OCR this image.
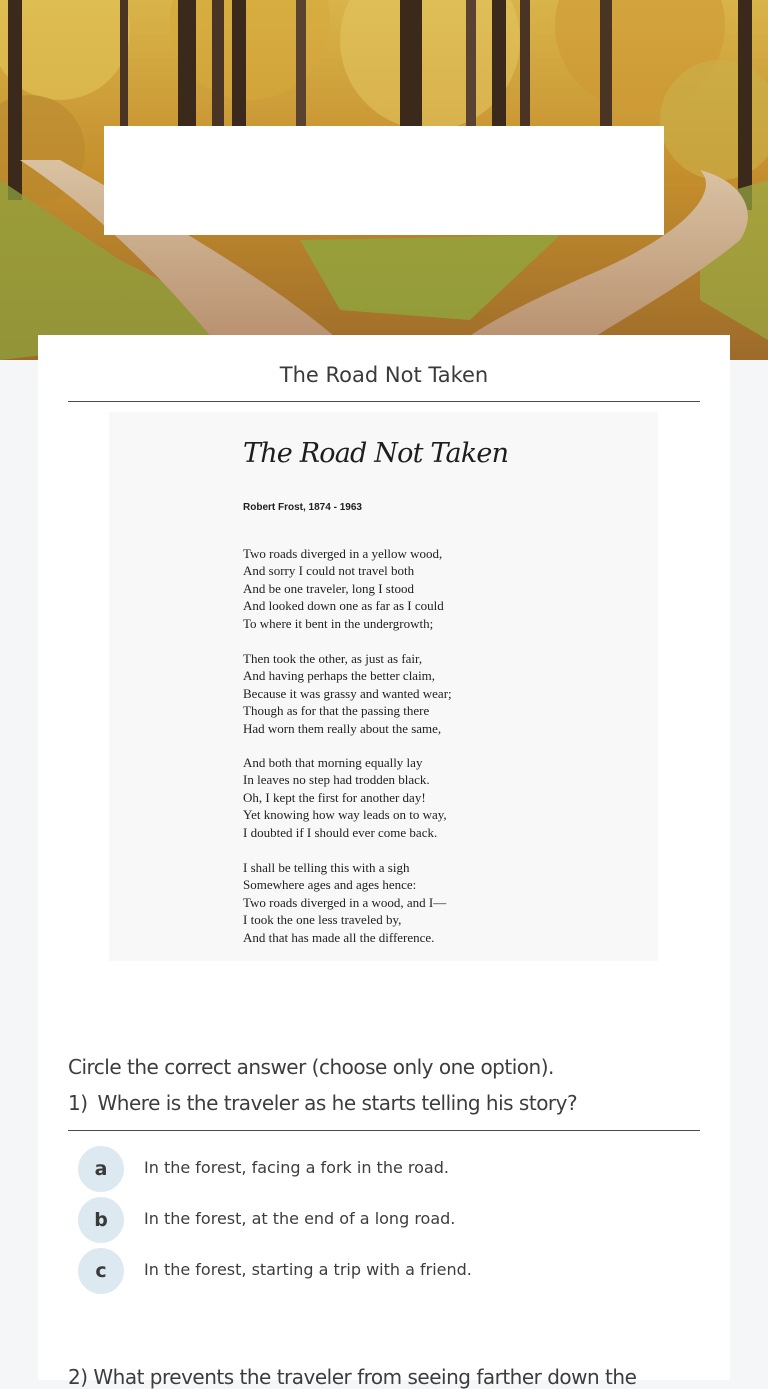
The Road Not Taken
The Road Not Taken
Robert Frost, 1874 - 1963
Two roads diverged in a yellow wood,
And sorry I could not travel both
And be one traveler, long I stood
And looked down one as far as I could
To where it bent in the undergrowth;
Then took the other, as just as fair,
And having perhaps the better claim,
Because it was grassy and wanted wear;
Though as for that the passing there
Had worn them really about the same,
And both that morning equally lay
In leaves no step had trodden black.
Oh, I kept the first for another day!
Yet knowing how way leads on to way,
I doubted if I should ever come back.
I shall be telling this with a sigh
Somewhere ages and ages hence:
Two roads diverged in a wood, and I—
I took the one less traveled by,
And that has made all the difference.
Circle the correct answer (choose only one option).
1) Where is the traveler as he starts telling his story?
a	In the forest, facing a fork in the road.
b	In the forest, at the end of a long road.
c	In the forest, starting a trip with a friend.
2) What prevents the traveler from seeing farther down the
